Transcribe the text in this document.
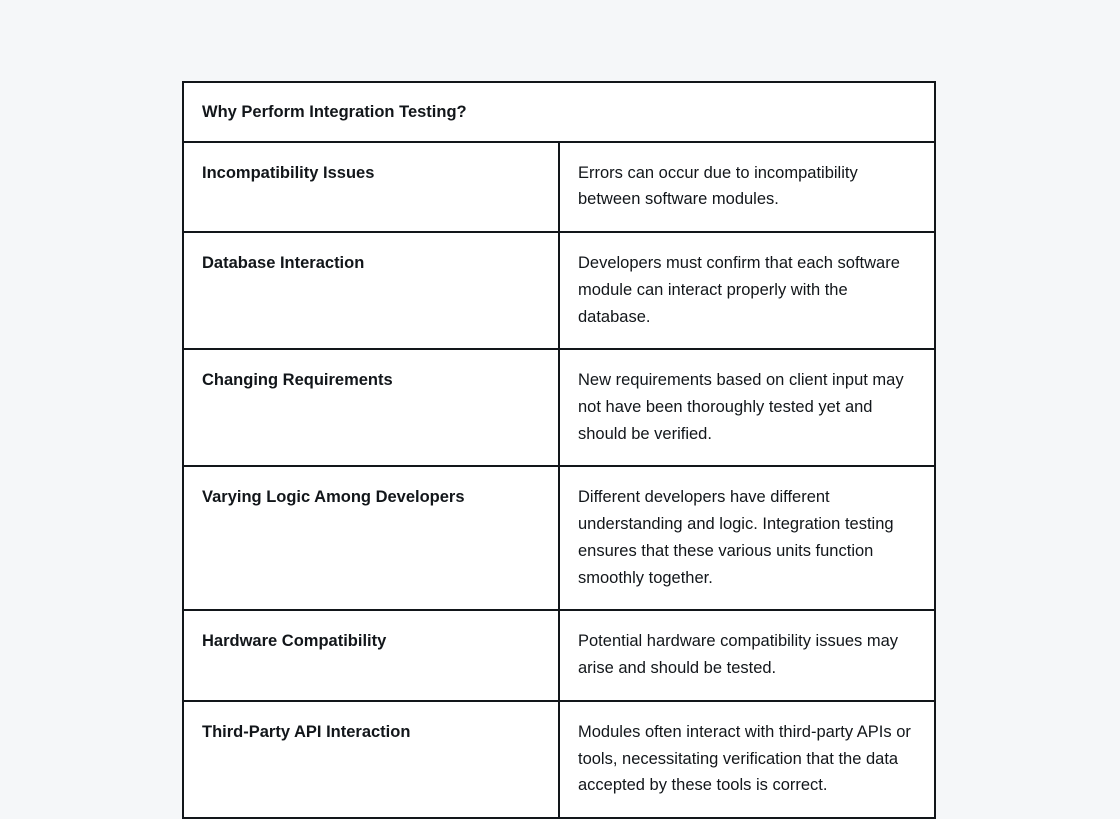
Why Perform Integration Testing?	
Incompatibility Issues	Errors can occur due to incompatibility between software modules.
Database Interaction	Developers must confirm that each software module can interact properly with the database.
Changing Requirements	New requirements based on client input may not have been thoroughly tested yet and should be verified.
Varying Logic Among Developers	Different developers have different understanding and logic. Integration testing ensures that these various units function smoothly together.
Hardware Compatibility	Potential hardware compatibility issues may arise and should be tested.
Third-Party API Interaction	Modules often interact with third-party APIs or tools, necessitating verification that the data accepted by these tools is correct.
